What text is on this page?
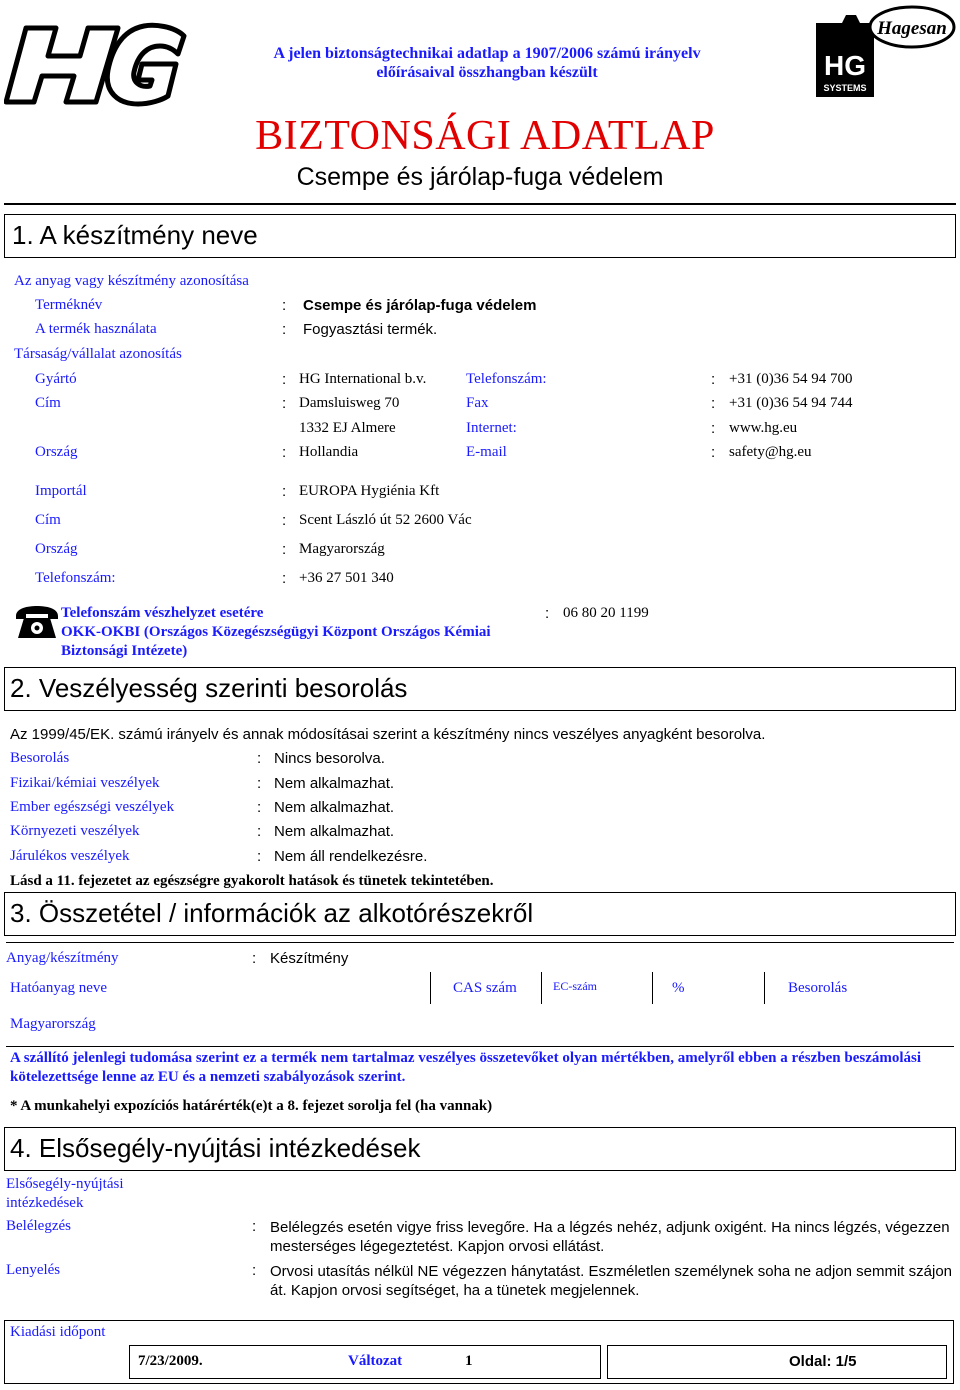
A jelen biztonságtechnikai adatlap a 1907/2006 számú irányelv
előírásaival összhangban készült
Hagesan
HG
SYSTEMS
BIZTONSÁGI ADATLAP
Csempe és járólap-fuga védelem
1. A készítmény neve
Az anyag vagy készítmény azonosítása
Terméknév	: Csempe és járólap-fuga védelem
A termék használata	: Fogyasztási termék.
Társaság/vállalat azonosítás
Gyártó	: HG International b.v.
Cím	: Damsluisweg 70
1332 EJ Almere
Ország	: Hollandia
Telefonszám:	: +31 (0)36 54 94 700
Fax	: +31 (0)36 54 94 744
Internet:	: www.hg.eu
E-mail	: safety@hg.eu
Importál	: EUROPA Hygiénia Kft
Cím	: Scent László út 52 2600 Vác
Ország	: Magyarország
Telefonszám:	: +36 27 501 340
Telefonszám vészhelyzet esetére
OKK-OKBI (Országos Közegészségügyi Központ Országos Kémiai
Biztonsági Intézete)
: 06 80 20 1199
2. Veszélyesség szerinti besorolás
Az 1999/45/EK. számú irányelv és annak módosításai szerint a készítmény nincs veszélyes anyagként besorolva.
Besorolás	: Nincs besorolva.
Fizikai/kémiai veszélyek	: Nem alkalmazhat.
Ember egészségi veszélyek	: Nem alkalmazhat.
Környezeti veszélyek	: Nem alkalmazhat.
Járulékos veszélyek	: Nem áll rendelkezésre.
Lásd a 11. fejezetet az egészségre gyakorolt hatások és tünetek tekintetében.
3. Összetétel / információk az alkotórészekről
Anyag/készítmény	: Készítmény
Hatóanyag neve	CAS szám	EC-szám	%	Besorolás
Magyarország
A szállító jelenlegi tudomása szerint ez a termék nem tartalmaz veszélyes összetevőket olyan mértékben, amelyről ebben a részben beszámolási kötelezettsége lenne az EU és a nemzeti szabályozások szerint.
* A munkahelyi expozíciós határérték(e)t a 8. fejezet sorolja fel (ha vannak)
4. Elsősegély-nyújtási intézkedések
Elsősegély-nyújtási intézkedések
Belélegzés	: Belélegzés esetén vigye friss levegőre. Ha a légzés nehéz, adjunk oxigént. Ha nincs légzés, végezzen mesterséges légegeztetést. Kapjon orvosi ellátást.
Lenyelés	: Orvosi utasítás nélkül NE végezzen hánytatást. Eszméletlen személynek soha ne adjon semmit szájon át. Kapjon orvosi segítséget, ha a tünetek megjelennek.
Kiadási időpont
7/23/2009.	Változat	1	Oldal: 1/5
